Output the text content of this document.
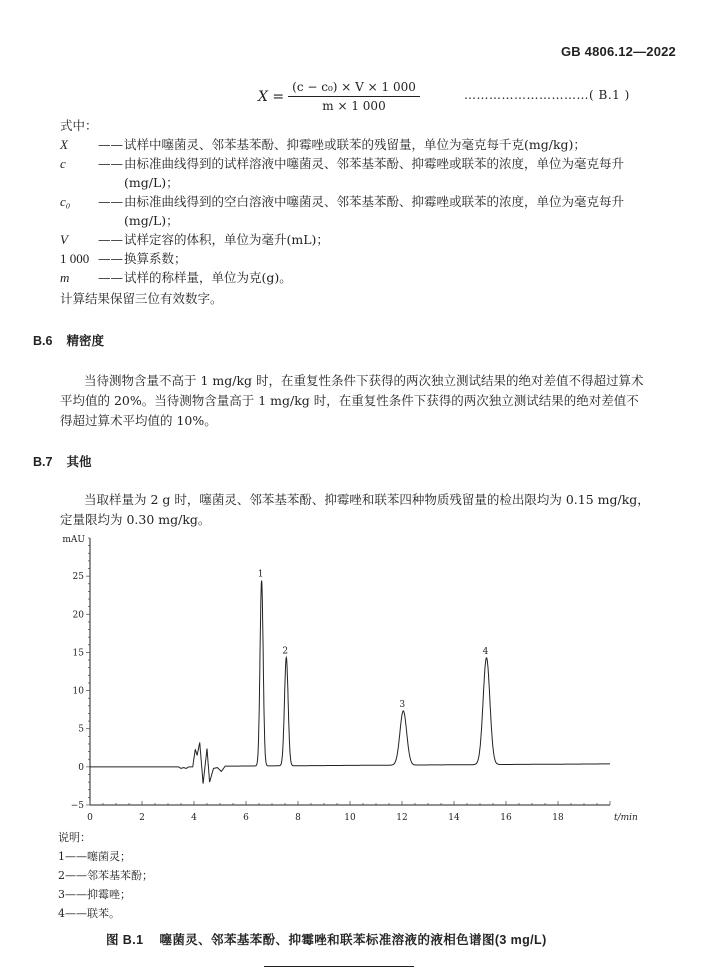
GB 4806.12—2022
$X = \frac{\text{(c − c₀) × V × 1 000}}{m \times 1 000}$	…………………………( B.1 )
式中：
X	—— 试样中噻菌灵、邻苯基苯酚、抑霉唑或联苯的残留量，单位为毫克每千克(mg/kg)；
c	—— 由标准曲线得到的试样溶液中噻菌灵、邻苯基苯酚、抑霉唑或联苯的浓度，单位为毫克每升(mg/L)；
c₀	—— 由标准曲线得到的空白溶液中噻菌灵、邻苯基苯酚、抑霉唑或联苯的浓度，单位为毫克每升(mg/L)；
V	—— 试样定容的体积，单位为毫升(mL)；
1 000 —— 换算系数；
m	—— 试样的称样量，单位为克(g)。
计算结果保留三位有效数字。
B.6 精密度
当待测物含量不高于 1 mg/kg 时，在重复性条件下获得的两次独立测试结果的绝对差值不得超过算术平均值的 20%。当待测物含量高于 1 mg/kg 时，在重复性条件下获得的两次独立测试结果的绝对差值不得超过算术平均值的 10%。
B.7 其他
当取样量为 2 g 时，噻菌灵、邻苯基苯酚、抑霉唑和联苯四种物质残留量的检出限均为 0.15 mg/kg，定量限均为 0.30 mg/kg。
−5
0
5
10
15
20
25
0	2	4	6	8	10	12	14	16	18
1
2
3
4
mAU
t/min
说明：
1——噻菌灵；
2——邻苯基苯酚；
3——抑霉唑；
4——联苯。
图 B.1 噻菌灵、邻苯基苯酚、抑霉唑和联苯标准溶液的液相色谱图(3 mg/L)
